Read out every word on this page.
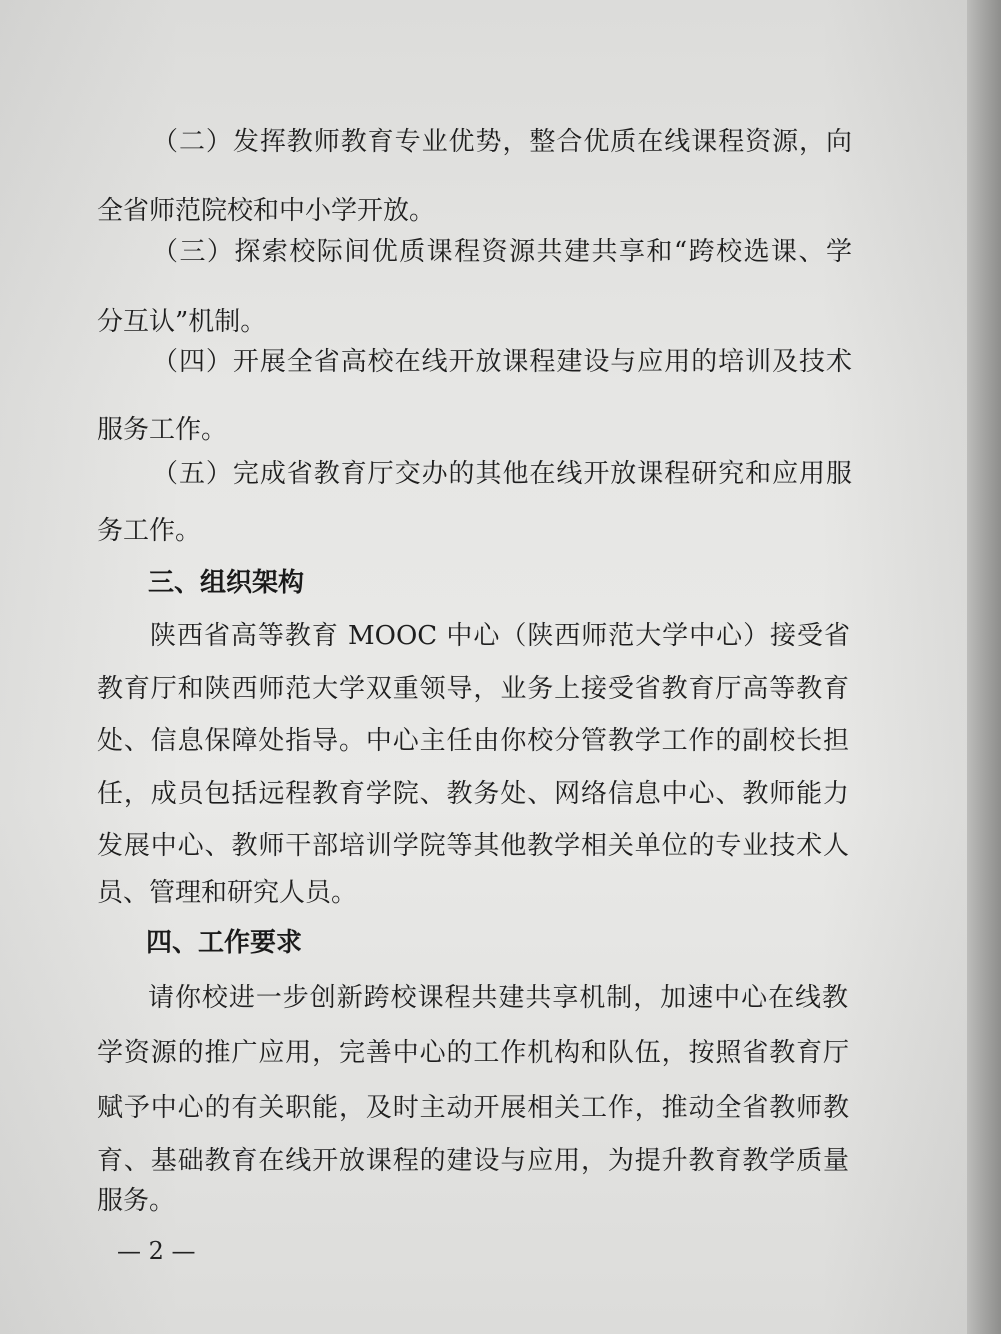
（二）发挥教师教育专业优势，整合优质在线课程资源，向
全省师范院校和中小学开放。
（三）探索校际间优质课程资源共建共享和“跨校选课、学
分互认”机制。
（四）开展全省高校在线开放课程建设与应用的培训及技术
服务工作。
（五）完成省教育厅交办的其他在线开放课程研究和应用服
务工作。
三、组织架构
陕西省高等教育 MOOC 中心（陕西师范大学中心）接受省
教育厅和陕西师范大学双重领导，业务上接受省教育厅高等教育
处、信息保障处指导。中心主任由你校分管教学工作的副校长担
任，成员包括远程教育学院、教务处、网络信息中心、教师能力
发展中心、教师干部培训学院等其他教学相关单位的专业技术人
员、管理和研究人员。
四、工作要求
请你校进一步创新跨校课程共建共享机制，加速中心在线教
学资源的推广应用，完善中心的工作机构和队伍，按照省教育厅
赋予中心的有关职能，及时主动开展相关工作，推动全省教师教
育、基础教育在线开放课程的建设与应用，为提升教育教学质量
服务。
— 2 —
